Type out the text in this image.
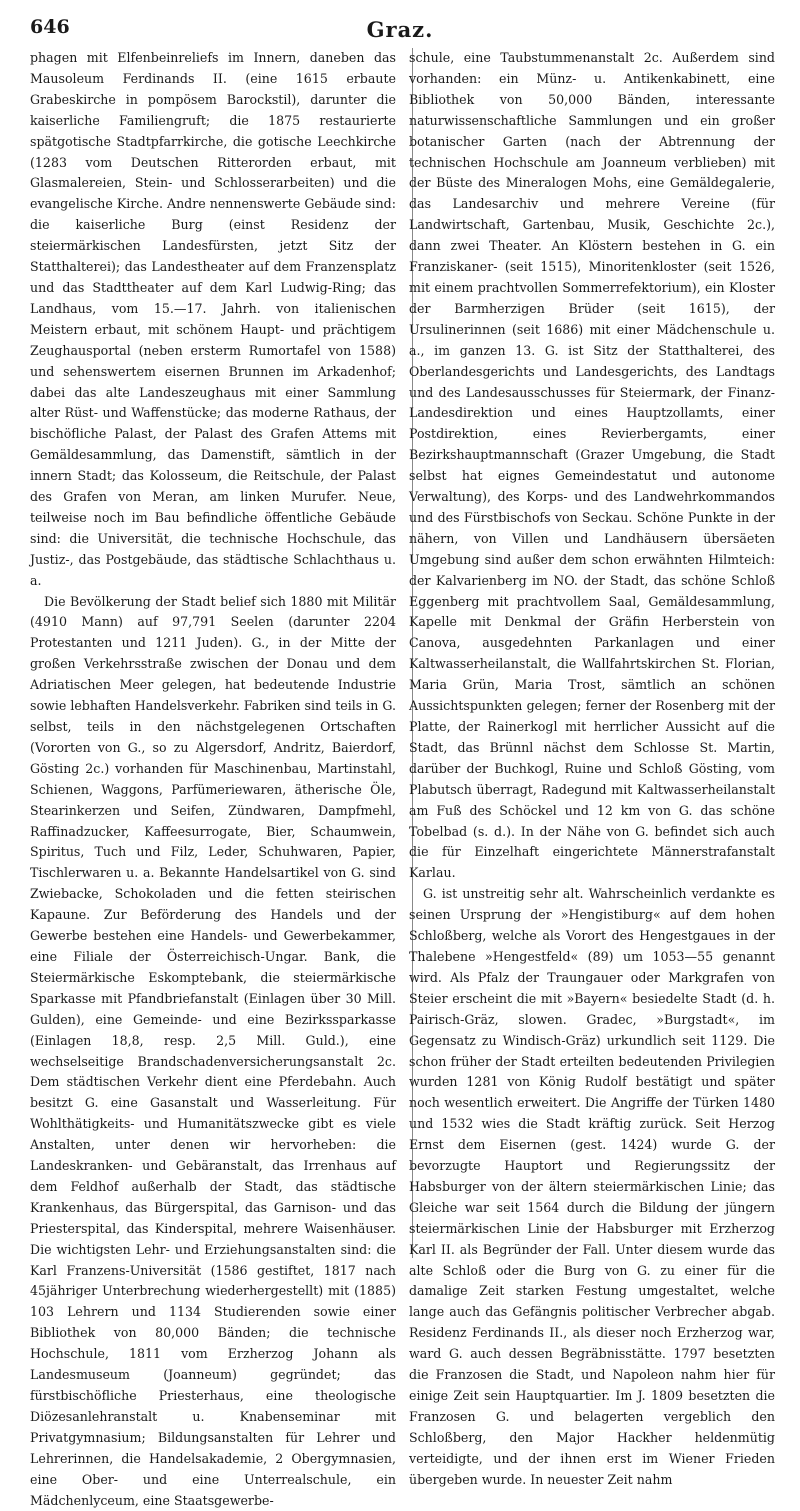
646	Graz.

phagen mit Elfenbeinreliefs im Innern, daneben das Mausoleum Ferdinands II. (eine 1615 erbaute Grabeskirche in pompösem Barockstil), darunter die kaiserliche Familiengruft; die 1875 restaurierte spätgotische Stadtpfarrkirche, die gotische Leechkirche (1283 vom Deutschen Ritterorden erbaut, mit Glasmalereien, Stein- und Schlosserarbeiten) und die evangelische Kirche. Andre nennenswerte Gebäude sind: die kaiserliche Burg (einst Residenz der steiermärkischen Landesfürsten, jetzt Sitz der Statthalterei); das Landestheater auf dem Franzensplatz und das Stadttheater auf dem Karl Ludwig-Ring; das Landhaus, vom 15.—17. Jahrh. von italienischen Meistern erbaut, mit schönem Haupt- und prächtigem Zeughausportal (neben ersterm Rumortafel von 1588) und sehenswertem eisernen Brunnen im Arkadenhof; dabei das alte Landeszeughaus mit einer Sammlung alter Rüst- und Waffenstücke; das moderne Rathaus, der bischöfliche Palast, der Palast des Grafen Attems mit Gemäldesammlung, das Damenstift, sämtlich in der innern Stadt; das Kolosseum, die Reitschule, der Palast des Grafen von Meran, am linken Murufer. Neue, teilweise noch im Bau befindliche öffentliche Gebäude sind: die Universität, die technische Hochschule, das Justiz-, das Postgebäude, das städtische Schlachthaus u. a.

Die Bevölkerung der Stadt belief sich 1880 mit Militär (4910 Mann) auf 97,791 Seelen (darunter 2204 Protestanten und 1211 Juden). G., in der Mitte der großen Verkehrsstraße zwischen der Donau und dem Adriatischen Meer gelegen, hat bedeutende Industrie sowie lebhaften Handelsverkehr. Fabriken sind teils in G. selbst, teils in den nächstgelegenen Ortschaften (Vororten von G., so zu Algersdorf, Andritz, Baierdorf, Gösting 2c.) vorhanden für Maschinenbau, Martinstahl, Schienen, Waggons, Parfümeriewaren, ätherische Öle, Stearinkerzen und Seifen, Zündwaren, Dampfmehl, Raffinadzucker, Kaffeesurrogate, Bier, Schaumwein, Spiritus, Tuch und Filz, Leder, Schuhwaren, Papier, Tischlerwaren u. a. Bekannte Handelsartikel von G. sind Zwiebacke, Schokoladen und die fetten steirischen Kapaune. Zur Beförderung des Handels und der Gewerbe bestehen eine Handels- und Gewerbekammer, eine Filiale der Österreichisch-Ungar. Bank, die Steiermärkische Eskomptebank, die steiermärkische Sparkasse mit Pfandbriefanstalt (Einlagen über 30 Mill. Gulden), eine Gemeinde- und eine Bezirkssparkasse (Einlagen 18,8, resp. 2,5 Mill. Guld.), eine wechselseitige Brandschadenversicherungsanstalt 2c. Dem städtischen Verkehr dient eine Pferdebahn. Auch besitzt G. eine Gasanstalt und Wasserleitung. Für Wohlthätigkeits- und Humanitätszwecke gibt es viele Anstalten, unter denen wir hervorheben: die Landeskranken- und Gebäranstalt, das Irrenhaus auf dem Feldhof außerhalb der Stadt, das städtische Krankenhaus, das Bürgerspital, das Garnison- und das Priesterspital, das Kinderspital, mehrere Waisenhäuser. Die wichtigsten Lehr- und Erziehungsanstalten sind: die Karl Franzens-Universität (1586 gestiftet, 1817 nach 45jähriger Unterbrechung wiederhergestellt) mit (1885) 103 Lehrern und 1134 Studierenden sowie einer Bibliothek von 80,000 Bänden; die technische Hochschule, 1811 vom Erzherzog Johann als Landesmuseum (Joanneum) gegründet; das fürstbischöfliche Priesterhaus, eine theologische Diözesanlehranstalt u. Knabenseminar mit Privatgymnasium; Bildungsanstalten für Lehrer und Lehrerinnen, die Handelsakademie, 2 Obergymnasien, eine Ober- und eine Unterrealschule, ein Mädchenlyceum, eine Staatsgewerbe-

schule, eine Taubstummenanstalt 2c. Außerdem sind vorhanden: ein Münz- u. Antikenkabinett, eine Bibliothek von 50,000 Bänden, interessante naturwissenschaftliche Sammlungen und ein großer botanischer Garten (nach der Abtrennung der technischen Hochschule am Joanneum verblieben) mit der Büste des Mineralogen Mohs, eine Gemäldegalerie, das Landesarchiv und mehrere Vereine (für Landwirtschaft, Gartenbau, Musik, Geschichte 2c.), dann zwei Theater. An Klöstern bestehen in G. ein Franziskaner- (seit 1515), Minoritenkloster (seit 1526, mit einem prachtvollen Sommerrefektorium), ein Kloster der Barmherzigen Brüder (seit 1615), der Ursulinerinnen (seit 1686) mit einer Mädchenschule u. a., im ganzen 13. G. ist Sitz der Statthalterei, des Oberlandesgerichts und Landesgerichts, des Landtags und des Landesausschusses für Steiermark, der Finanz-Landesdirektion und eines Hauptzollamts, einer Postdirektion, eines Revierbergamts, einer Bezirkshauptmannschaft (Grazer Umgebung, die Stadt selbst hat eignes Gemeindestatut und autonome Verwaltung), des Korps- und des Landwehrkommandos und des Fürstbischofs von Seckau. Schöne Punkte in der nähern, von Villen und Landhäusern übersäeten Umgebung sind außer dem schon erwähnten Hilmteich: der Kalvarienberg im NO. der Stadt, das schöne Schloß Eggenberg mit prachtvollem Saal, Gemäldesammlung, Kapelle mit Denkmal der Gräfin Herberstein von Canova, ausgedehnten Parkanlagen und einer Kaltwasserheilanstalt, die Wallfahrtskirchen St. Florian, Maria Grün, Maria Trost, sämtlich an schönen Aussichtspunkten gelegen; ferner der Rosenberg mit der Platte, der Rainerkogl mit herrlicher Aussicht auf die Stadt, das Brünnl nächst dem Schlosse St. Martin, darüber der Buchkogl, Ruine und Schloß Gösting, vom Plabutsch überragt, Radegund mit Kaltwasserheilanstalt am Fuß des Schöckel und 12 km von G. das schöne Tobelbad (s. d.). In der Nähe von G. befindet sich auch die für Einzelhaft eingerichtete Männerstrafanstalt Karlau.

G. ist unstreitig sehr alt. Wahrscheinlich verdankte es seinen Ursprung der »Hengistiburg« auf dem hohen Schloßberg, welche als Vorort des Hengestgaues in der Thalebene »Hengestfeld« (89) um 1053—55 genannt wird. Als Pfalz der Traungauer oder Markgrafen von Steier erscheint die mit »Bayern« besiedelte Stadt (d. h. Pairisch-Gräz, slowen. Gradec, »Burgstadt«, im Gegensatz zu Windisch-Gräz) urkundlich seit 1129. Die schon früher der Stadt erteilten bedeutenden Privilegien wurden 1281 von König Rudolf bestätigt und später noch wesentlich erweitert. Die Angriffe der Türken 1480 und 1532 wies die Stadt kräftig zurück. Seit Herzog Ernst dem Eisernen (gest. 1424) wurde G. der bevorzugte Hauptort und Regierungssitz der Habsburger von der ältern steiermärkischen Linie; das Gleiche war seit 1564 durch die Bildung der jüngern steiermärkischen Linie der Habsburger mit Erzherzog Karl II. als Begründer der Fall. Unter diesem wurde das alte Schloß oder die Burg von G. zu einer für die damalige Zeit starken Festung umgestaltet, welche lange auch das Gefängnis politischer Verbrecher abgab. Residenz Ferdinands II., als dieser noch Erzherzog war, ward G. auch dessen Begräbnisstätte. 1797 besetzten die Franzosen die Stadt, und Napoleon nahm hier für einige Zeit sein Hauptquartier. Im J. 1809 besetzten die Franzosen G. und belagerten vergeblich den Schloßberg, den Major Hackher heldenmütig verteidigte, und der ihnen erst im Wiener Frieden übergeben wurde. In neuester Zeit nahm
